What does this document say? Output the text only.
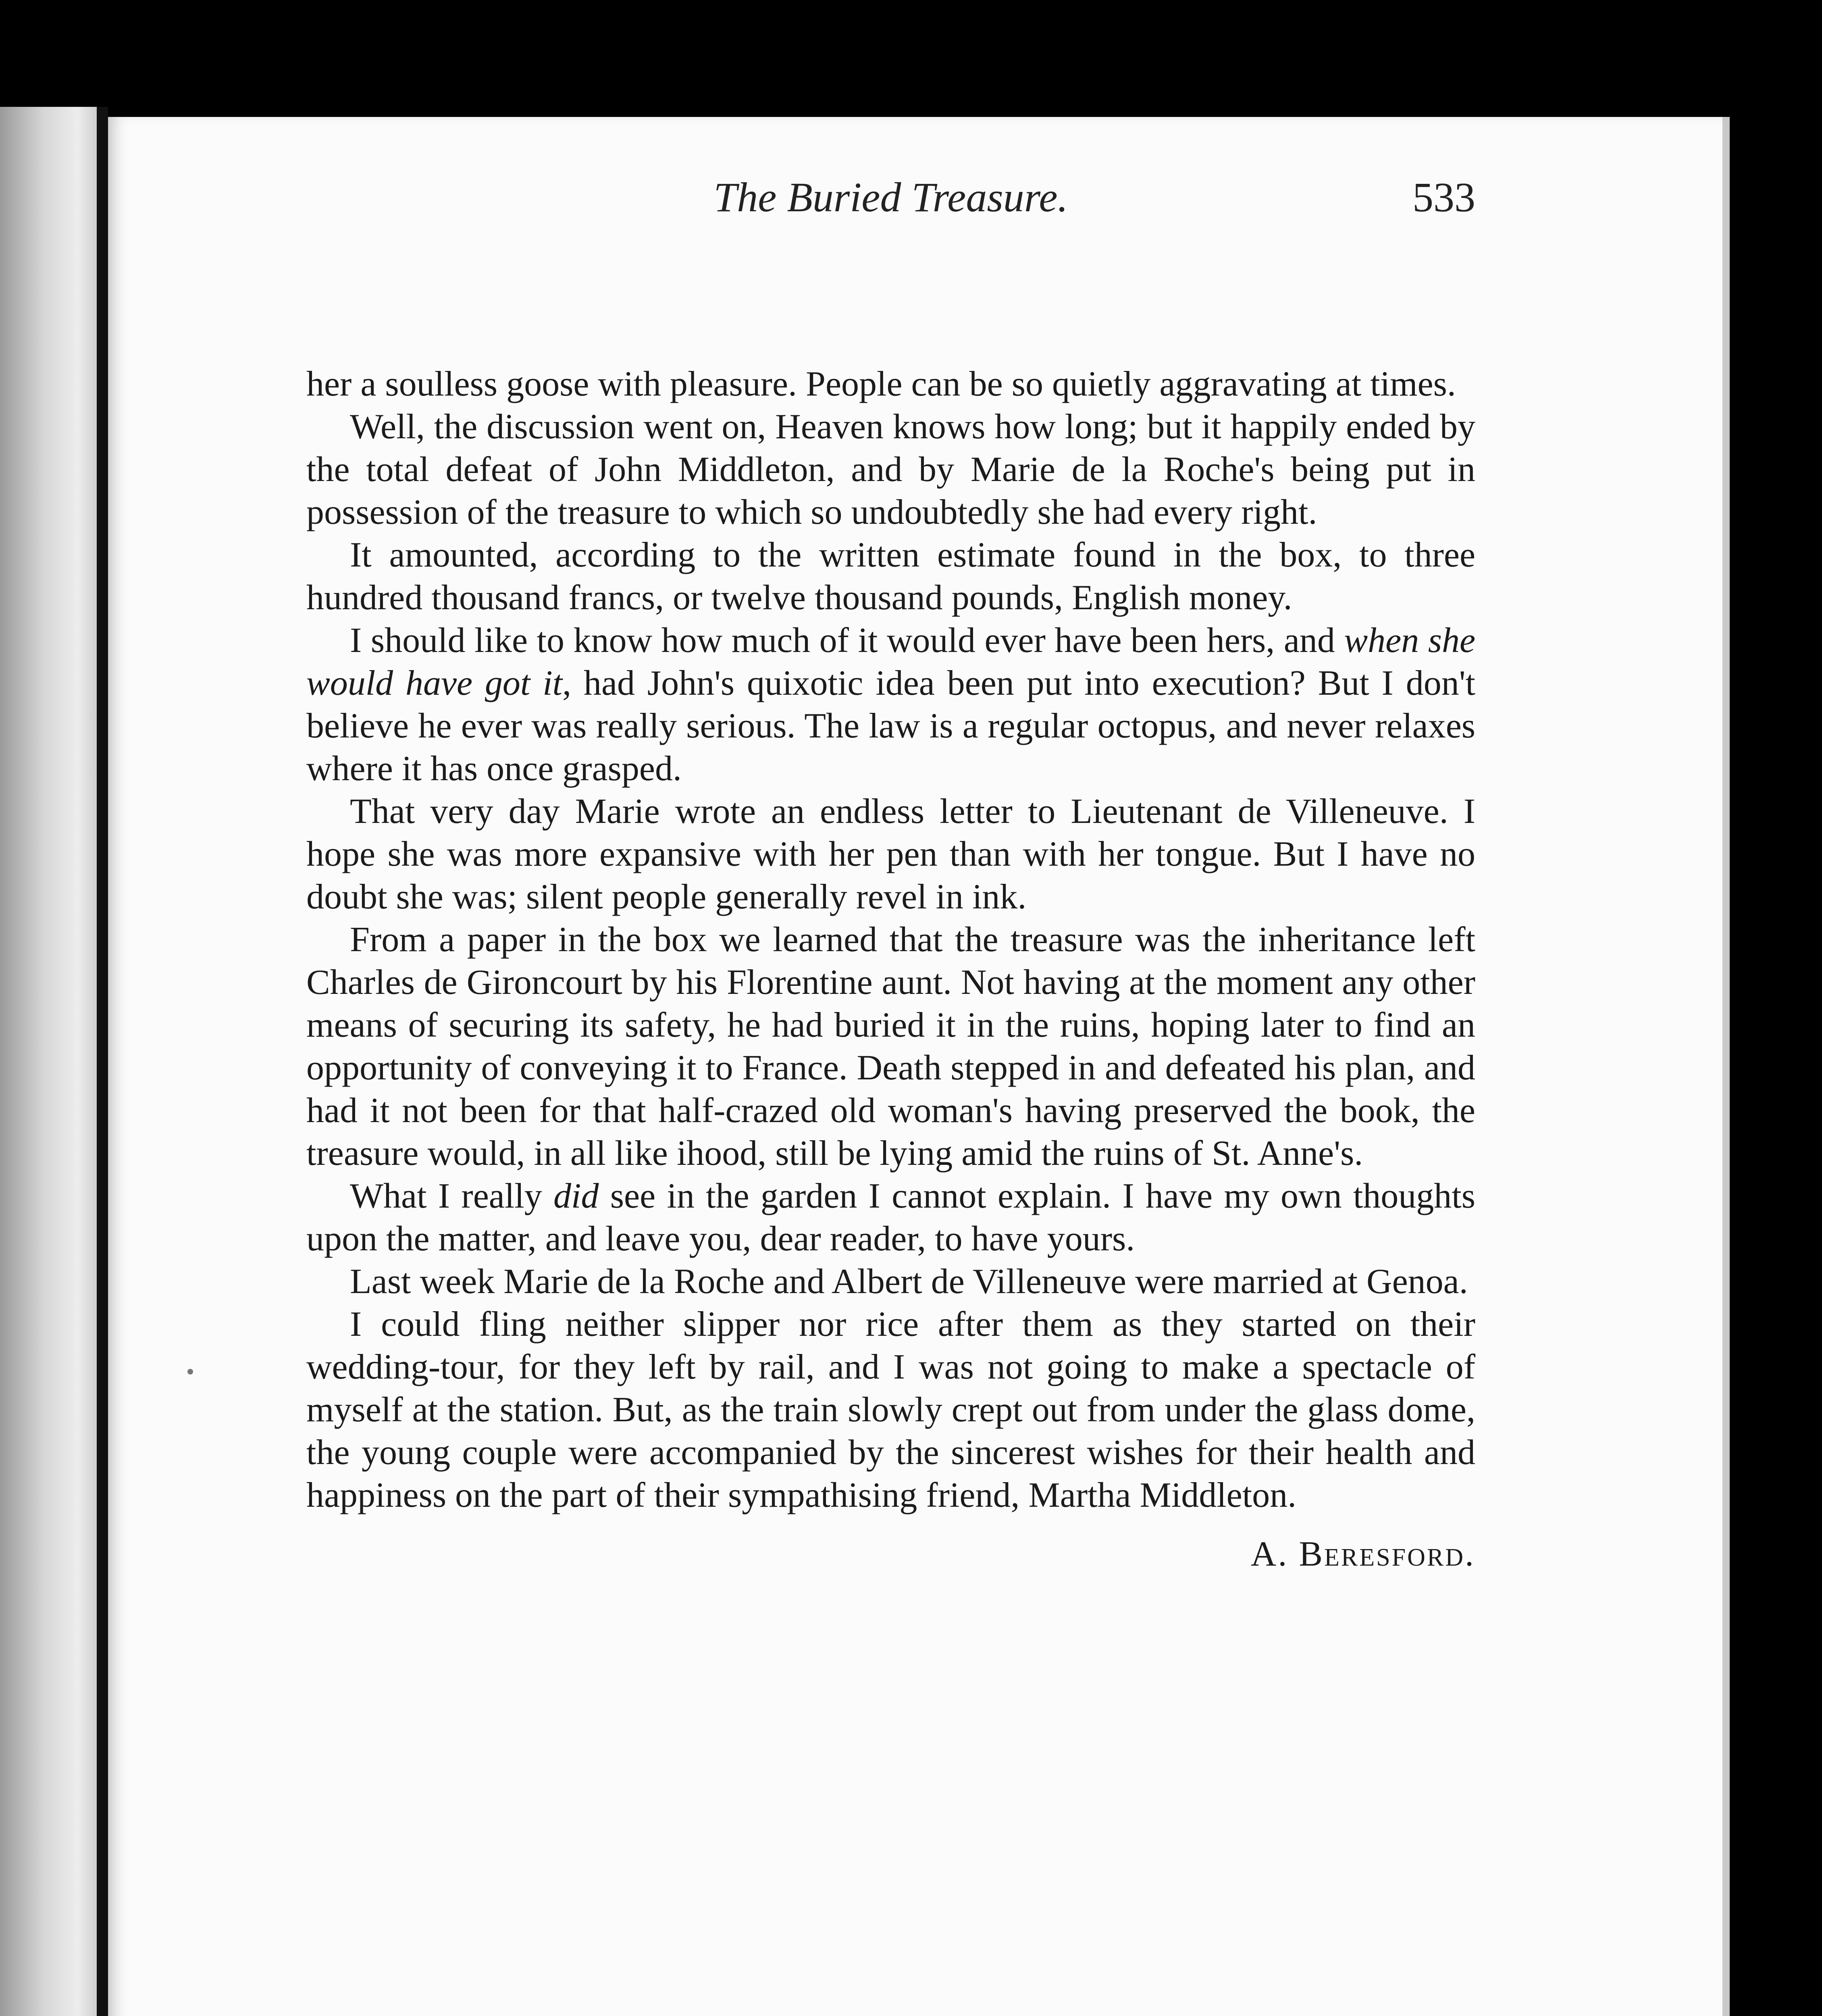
The Buried Treasure.	533

her a soulless goose with pleasure. People can be so quietly aggravating at times.

Well, the discussion went on, Heaven knows how long; but it happily ended by the total defeat of John Middleton, and by Marie de la Roche's being put in possession of the treasure to which so undoubtedly she had every right.

It amounted, according to the written estimate found in the box, to three hundred thousand francs, or twelve thousand pounds, English money.

I should like to know how much of it would ever have been hers, and when she would have got it, had John's quixotic idea been put into execution? But I don't believe he ever was really serious. The law is a regular octopus, and never relaxes where it has once grasped.

That very day Marie wrote an endless letter to Lieutenant de Villeneuve. I hope she was more expansive with her pen than with her tongue. But I have no doubt she was; silent people generally revel in ink.

From a paper in the box we learned that the treasure was the inheritance left Charles de Gironcourt by his Florentine aunt. Not having at the moment any other means of securing its safety, he had buried it in the ruins, hoping later to find an opportunity of conveying it to France. Death stepped in and defeated his plan, and had it not been for that half-crazed old woman's having preserved the book, the treasure would, in all like ihood, still be lying amid the ruins of St. Anne's.

What I really did see in the garden I cannot explain. I have my own thoughts upon the matter, and leave you, dear reader, to have yours.

Last week Marie de la Roche and Albert de Villeneuve were married at Genoa.

I could fling neither slipper nor rice after them as they started on their wedding-tour, for they left by rail, and I was not going to make a spectacle of myself at the station. But, as the train slowly crept out from under the glass dome, the young couple were accompanied by the sincerest wishes for their health and happiness on the part of their sympathising friend, Martha Middleton.

A. Beresford.
